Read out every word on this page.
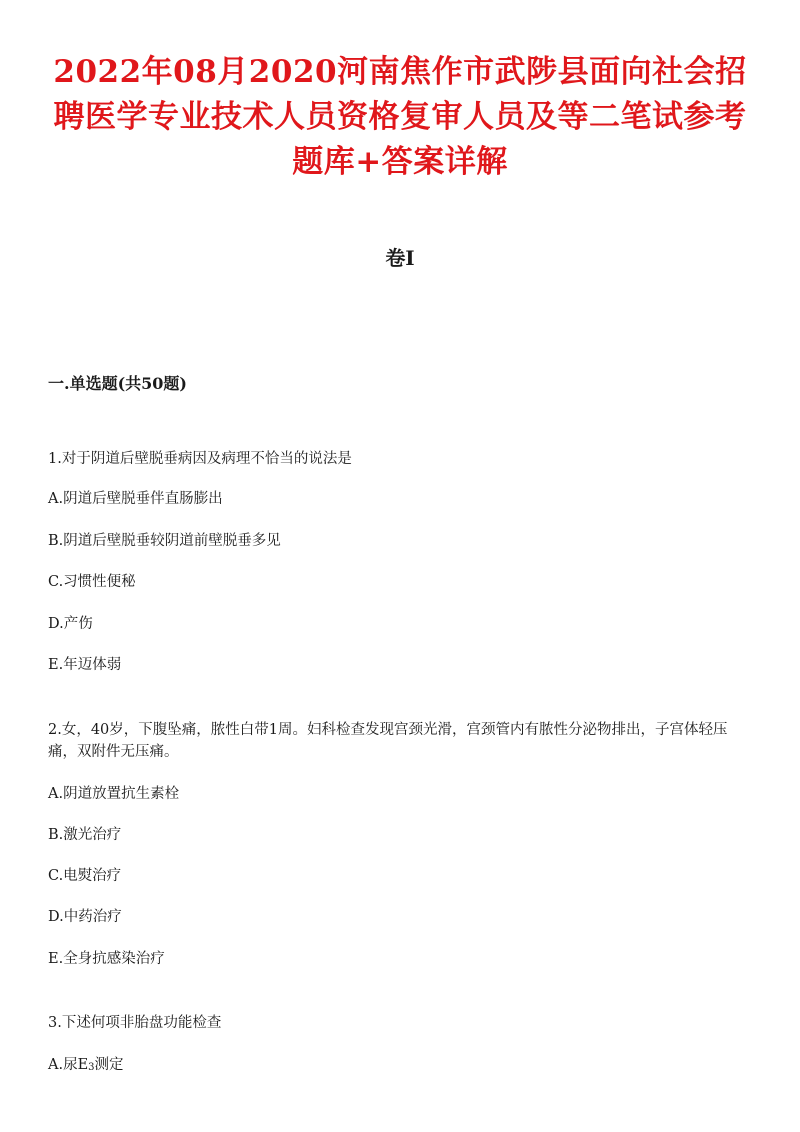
2022年08月2020河南焦作市武陟县面向社会招聘医学专业技术人员资格复审人员及等二笔试参考题库+答案详解
卷I
一.单选题(共50题)
1.对于阴道后壁脱垂病因及病理不恰当的说法是
A.阴道后壁脱垂伴直肠膨出
B.阴道后壁脱垂较阴道前壁脱垂多见
C.习惯性便秘
D.产伤
E.年迈体弱
2.女，40岁，下腹坠痛，脓性白带1周。妇科检查发现宫颈光滑，宫颈管内有脓性分泌物排出，子宫体轻压痛，双附件无压痛。
A.阴道放置抗生素栓
B.激光治疗
C.电熨治疗
D.中药治疗
E.全身抗感染治疗
3.下述何项非胎盘功能检查
A.尿$E_3$测定
